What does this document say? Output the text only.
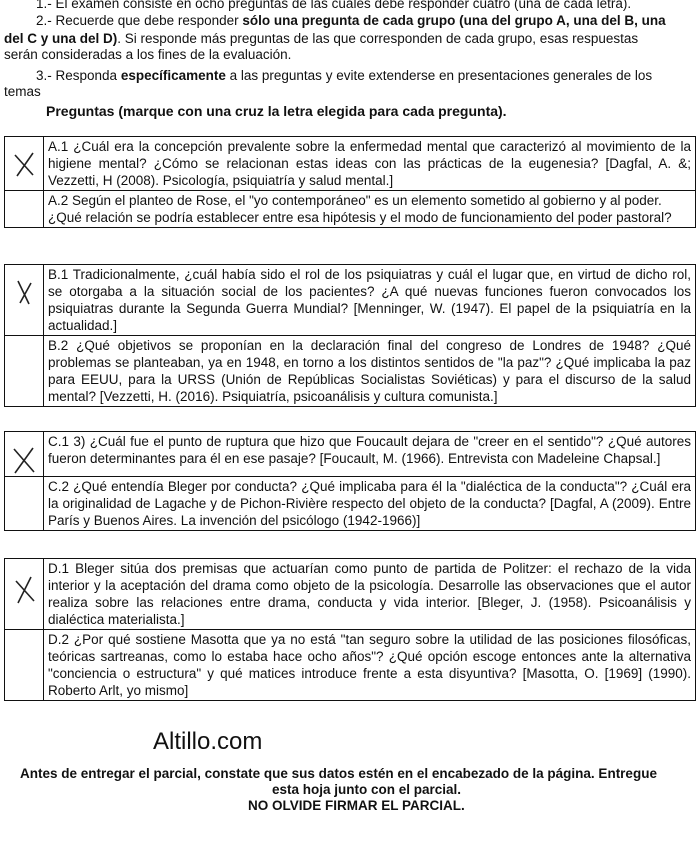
1.- El examen consiste en ocho preguntas de las cuales debe responder cuatro (una de cada letra).
2.- Recuerde que debe responder sólo una pregunta de cada grupo (una del grupo A, una del B, una
del C y una del D). Si responde más preguntas de las que corresponden de cada grupo, esas respuestas
serán consideradas a los fines de la evaluación.
3.- Responda específicamente a las preguntas y evite extenderse en presentaciones generales de los
temas
Preguntas (marque con una cruz la letra elegida para cada pregunta).
A.1 ¿Cuál era la concepción prevalente sobre la enfermedad mental que caracterizó al movimiento de la higiene mental? ¿Cómo se relacionan estas ideas con las prácticas de la eugenesia? [Dagfal, A. &; Vezzetti, H (2008). Psicología, psiquiatría y salud mental.]
A.2 Según el planteo de Rose, el "yo contemporáneo" es un elemento sometido al gobierno y al poder. ¿Qué relación se podría establecer entre esa hipótesis y el modo de funcionamiento del poder pastoral?
B.1 Tradicionalmente, ¿cuál había sido el rol de los psiquiatras y cuál el lugar que, en virtud de dicho rol, se otorgaba a la situación social de los pacientes? ¿A qué nuevas funciones fueron convocados los psiquiatras durante la Segunda Guerra Mundial? [Menninger, W. (1947). El papel de la psiquiatría en la actualidad.]
B.2 ¿Qué objetivos se proponían en la declaración final del congreso de Londres de 1948? ¿Qué problemas se planteaban, ya en 1948, en torno a los distintos sentidos de "la paz"? ¿Qué implicaba la paz para EEUU, para la URSS (Unión de Repúblicas Socialistas Soviéticas) y para el discurso de la salud mental? [Vezzetti, H. (2016). Psiquiatría, psicoanálisis y cultura comunista.]
C.1 3) ¿Cuál fue el punto de ruptura que hizo que Foucault dejara de "creer en el sentido"? ¿Qué autores fueron determinantes para él en ese pasaje? [Foucault, M. (1966). Entrevista con Madeleine Chapsal.]
C.2 ¿Qué entendía Bleger por conducta? ¿Qué implicaba para él la "dialéctica de la conducta"? ¿Cuál era la originalidad de Lagache y de Pichon-Rivière respecto del objeto de la conducta? [Dagfal, A (2009). Entre París y Buenos Aires. La invención del psicólogo (1942-1966)]
D.1 Bleger sitúa dos premisas que actuarían como punto de partida de Politzer: el rechazo de la vida interior y la aceptación del drama como objeto de la psicología. Desarrolle las observaciones que el autor realiza sobre las relaciones entre drama, conducta y vida interior. [Bleger, J. (1958). Psicoanálisis y dialéctica materialista.]
D.2 ¿Por qué sostiene Masotta que ya no está "tan seguro sobre la utilidad de las posiciones filosóficas, teóricas sartreanas, como lo estaba hace ocho años"? ¿Qué opción escoge entonces ante la alternativa "conciencia o estructura" y qué matices introduce frente a esta disyuntiva? [Masotta, O. [1969] (1990). Roberto Arlt, yo mismo]
Altillo.com
Antes de entregar el parcial, constate que sus datos estén en el encabezado de la página. Entregue
esta hoja junto con el parcial.
NO OLVIDE FIRMAR EL PARCIAL.
